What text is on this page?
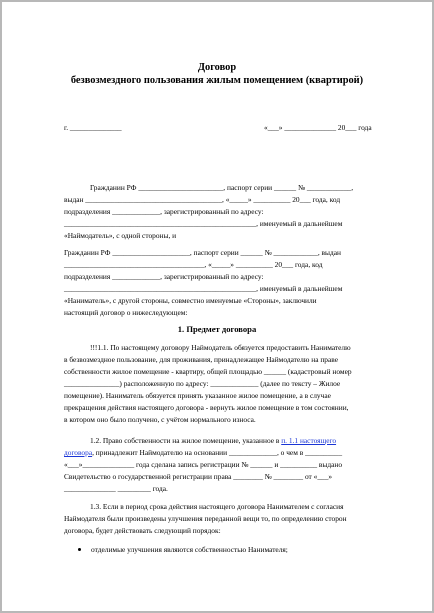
Договор
безвозмездного пользования жилым помещением (квартирой)
г. ______________	«___» ______________ 20___ года
Гражданин РФ _______________________, паспорт серии ______ № ____________,
выдан _____________________________________, «_____» __________ 20___ года, код
подразделения _____________, зарегистрированный по адресу:
____________________________________________________, именуемый в дальнейшем
«Наймодатель», с одной стороны, и
Гражданин РФ _____________________, паспорт серии ______ № ____________, выдан
______________________________________, «_____» __________ 20___ года, код
подразделения _____________, зарегистрированный по адресу:
____________________________________________________, именуемый в дальнейшем
«Наниматель», с другой стороны, совместно именуемые «Стороны», заключили
настоящий договор о нижеследующем:
1. Предмет договора
!!!1.1. По настоящему договору Наймодатель обязуется предоставить Нанимателю
в безвозмездное пользование, для проживания, принадлежащее Наймодателю на праве
собственности жилое помещение - квартиру, общей площадью ______ (кадастровый номер
_______________) расположенную по адресу: _____________ (далее по тексту – Жилое
помещение). Наниматель обязуется принять указанное жилое помещение, а в случае
прекращения действия настоящего договора - вернуть жилое помещение в том состоянии,
в котором оно было получено, с учётом нормального износа.
1.2. Право собственности на жилое помещение, указанное в п. 1.1 настоящего
договора, принадлежит Наймодателю на основании _____________, о чем в __________
«___»______________ года сделана запись регистрации № ______ и __________ выдано
Свидетельство о государственной регистрации права ________ № ________ от «___»
______________ _________ года.
1.3. Если в период срока действия настоящего договора Нанимателем с согласия
Наймодателя были произведены улучшения переданной вещи то, по определению сторон
договора, будет действовать следующий порядок:
отделимые улучшения являются собственностью Нанимателя;
